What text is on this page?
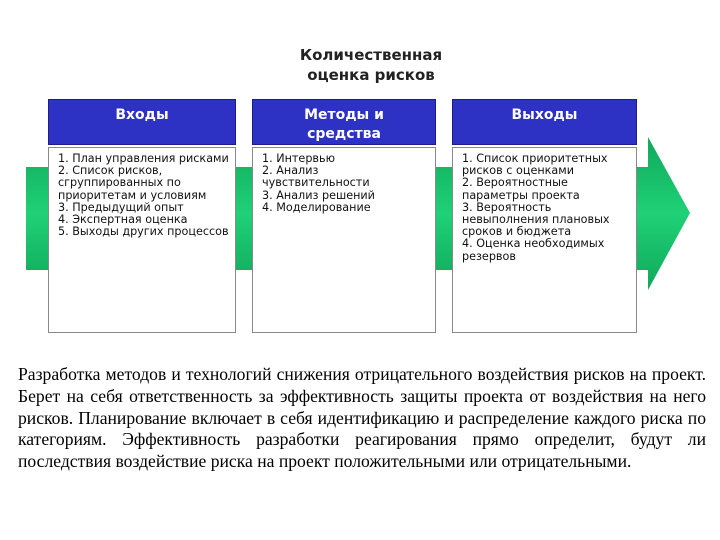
Количественная
оценка рисков
Входы
1. План управления рисками
2. Список рисков, сгруппированных по приоритетам и условиям
3. Предыдущий опыт
4. Экспертная оценка
5. Выходы других процессов
Методы и
средства
1. Интервью
2. Анализ чувствительности
3. Анализ решений
4. Моделирование
Выходы
1. Список приоритетных рисков с оценками
2. Вероятностные параметры проекта
3. Вероятность невыполнения плановых сроков и бюджета
4. Оценка необходимых резервов
Разработка методов и технологий снижения отрицательного воздействия рисков на проект. Берет на себя ответственность за эффективность защиты проекта от воздействия на него рисков. Планирование включает в себя идентификацию и распределение каждого риска по категориям. Эффективность разработки реагирования прямо определит, будут ли последствия воздействие риска на проект положительными или отрицательными.
